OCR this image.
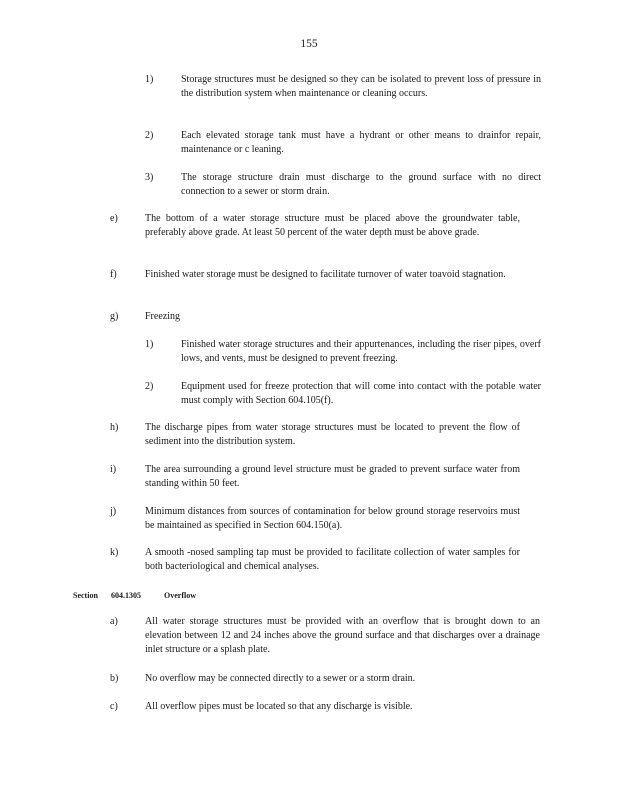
155
1)	Storage structures must be designed so they can be isolated to prevent loss of pressure in the distribution system when maintenance or cleaning occurs.
2)	Each elevated storage tank must have a hydrant or other means to drainfor repair, maintenance or c leaning.
3)	The storage structure drain must discharge to the ground surface with no direct connection to a sewer or storm drain.
e)	The bottom of a water storage structure must be placed above the groundwater table, preferably above grade. At least 50 percent of the water depth must be above grade.
f)	Finished water storage must be designed to facilitate turnover of water toavoid stagnation.
g)	Freezing
1)	Finished water storage structures and their appurtenances, including the riser pipes, overf lows, and vents, must be designed to prevent freezing.
2)	Equipment used for freeze protection that will come into contact with the potable water must comply with Section 604.105(f).
h)	The discharge pipes from water storage structures must be located to prevent the flow of sediment into the distribution system.
i)	The area surrounding a ground level structure must be graded to prevent surface water from standing within 50 feet.
j)	Minimum distances from sources of contamination for below ground storage reservoirs must be maintained as specified in Section 604.150(a).
k)	A smooth -nosed sampling tap must be provided to facilitate collection of water samples for both bacteriological and chemical analyses.
Section 604.1305	Overflow
a)	All water storage structures must be provided with an overflow that is brought down to an elevation between 12 and 24 inches above the ground surface and that discharges over a drainage inlet structure or a splash plate.
b)	No overflow may be connected directly to a sewer or a storm drain.
c)	All overflow pipes must be located so that any discharge is visible.
